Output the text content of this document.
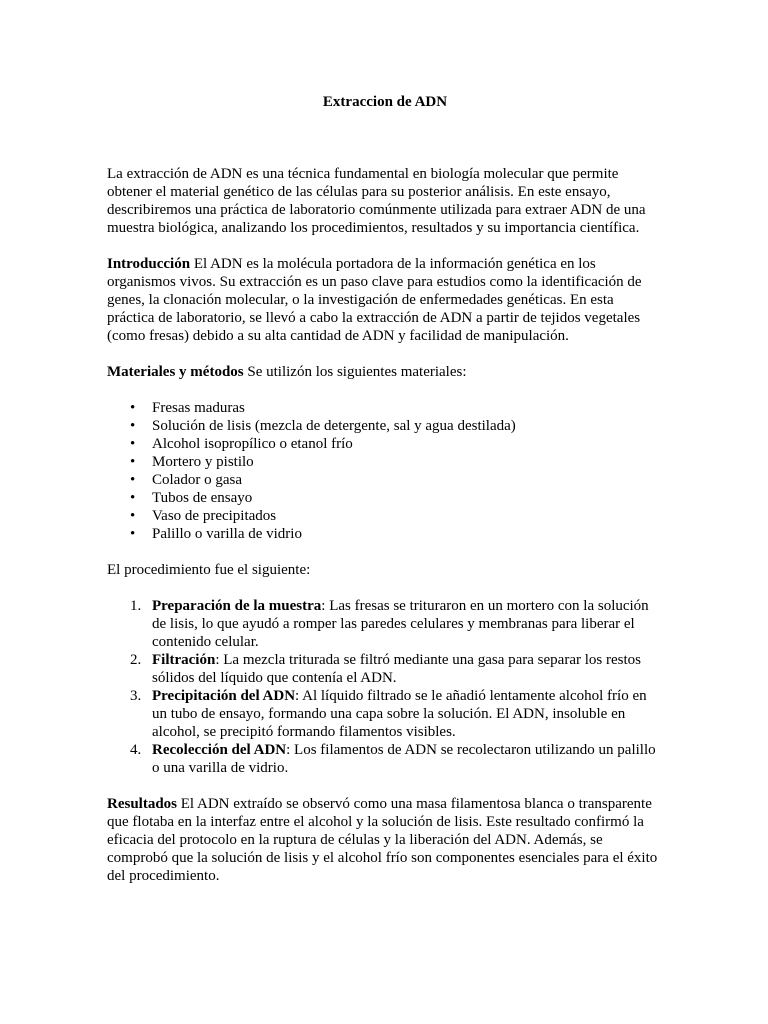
Extraccion de ADN

La extracción de ADN es una técnica fundamental en biología molecular que permite obtener el material genético de las células para su posterior análisis. En este ensayo, describiremos una práctica de laboratorio comúnmente utilizada para extraer ADN de una muestra biológica, analizando los procedimientos, resultados y su importancia científica.

Introducción El ADN es la molécula portadora de la información genética en los organismos vivos. Su extracción es un paso clave para estudios como la identificación de genes, la clonación molecular, o la investigación de enfermedades genéticas. En esta práctica de laboratorio, se llevó a cabo la extracción de ADN a partir de tejidos vegetales (como fresas) debido a su alta cantidad de ADN y facilidad de manipulación.

Materiales y métodos Se utilizón los siguientes materiales:

• Fresas maduras
• Solución de lisis (mezcla de detergente, sal y agua destilada)
• Alcohol isopropílico o etanol frío
• Mortero y pistilo
• Colador o gasa
• Tubos de ensayo
• Vaso de precipitados
• Palillo o varilla de vidrio

El procedimiento fue el siguiente:

1. Preparación de la muestra: Las fresas se trituraron en un mortero con la solución de lisis, lo que ayudó a romper las paredes celulares y membranas para liberar el contenido celular.
2. Filtración: La mezcla triturada se filtró mediante una gasa para separar los restos sólidos del líquido que contenía el ADN.
3. Precipitación del ADN: Al líquido filtrado se le añadió lentamente alcohol frío en un tubo de ensayo, formando una capa sobre la solución. El ADN, insoluble en alcohol, se precipitó formando filamentos visibles.
4. Recolección del ADN: Los filamentos de ADN se recolectaron utilizando un palillo o una varilla de vidrio.

Resultados El ADN extraído se observó como una masa filamentosa blanca o transparente que flotaba en la interfaz entre el alcohol y la solución de lisis. Este resultado confirmó la eficacia del protocolo en la ruptura de células y la liberación del ADN. Además, se comprobó que la solución de lisis y el alcohol frío son componentes esenciales para el éxito del procedimiento.
